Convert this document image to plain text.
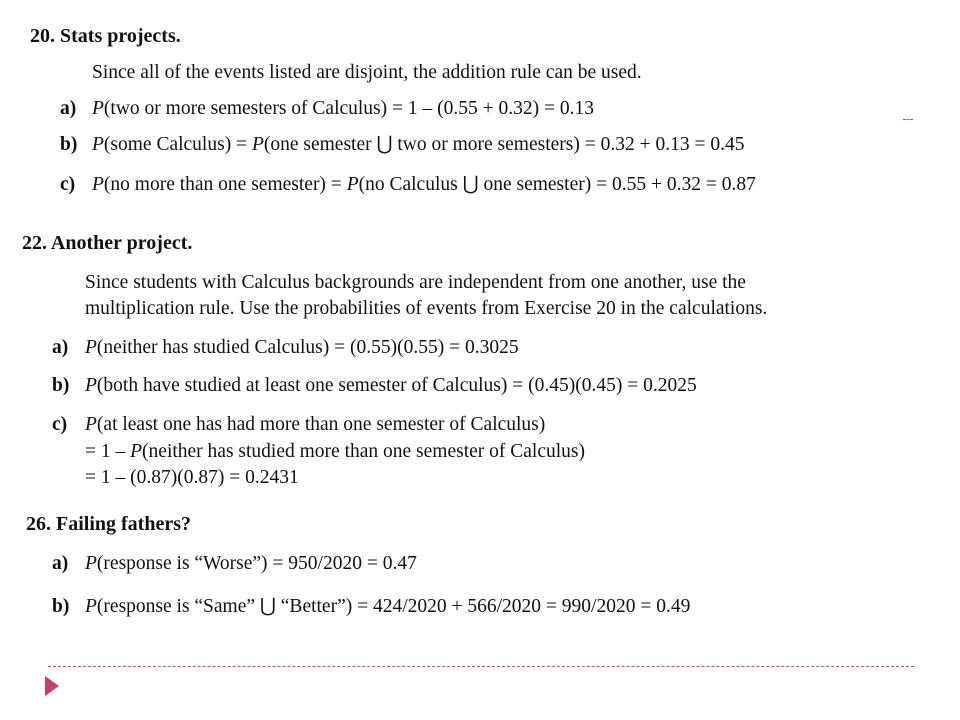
20. Stats projects.
Since all of the events listed are disjoint, the addition rule can be used.
a) P(two or more semesters of Calculus) = 1 – (0.55 + 0.32) = 0.13
b) P(some Calculus) = P(one semester ⋃ two or more semesters) = 0.32 + 0.13 = 0.45
c) P(no more than one semester) = P(no Calculus ⋃ one semester) = 0.55 + 0.32 = 0.87
22. Another project.
Since students with Calculus backgrounds are independent from one another, use the
multiplication rule. Use the probabilities of events from Exercise 20 in the calculations.
a) P(neither has studied Calculus) = (0.55)(0.55) = 0.3025
b) P(both have studied at least one semester of Calculus) = (0.45)(0.45) = 0.2025
c) P(at least one has had more than one semester of Calculus)
= 1 – P(neither has studied more than one semester of Calculus)
= 1 – (0.87)(0.87) = 0.2431
26. Failing fathers?
a) P(response is “Worse”) = 950/2020 = 0.47
b) P(response is “Same” ⋃ “Better”) = 424/2020 + 566/2020 = 990/2020 = 0.49
